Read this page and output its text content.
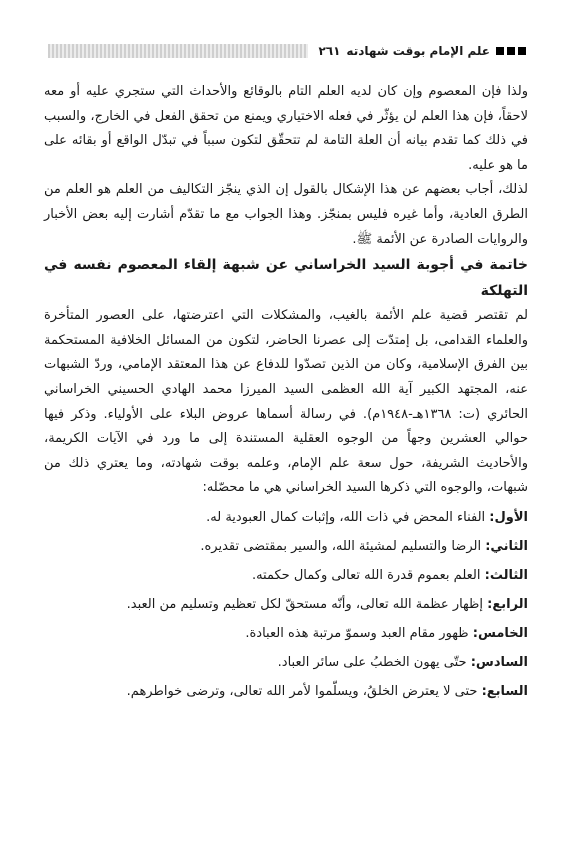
علم الإمام بوقت شهادته
٢٦١

ولذا فإن المعصوم وإن كان لديه العلم التام بالوقائع والأحداث التي ستجري عليه أو معه لاحقاً، فإن هذا العلم لن يؤثّر في فعله الاختياري ويمنع من تحقق الفعل في الخارج، والسبب في ذلك كما تقدم بيانه أن العلة التامة لم تتحقّق لتكون سبباً في تبدّل الواقع أو بقائه على ما هو عليه.

لذلك، أجاب بعضهم عن هذا الإشكال بالقول إن الذي ينجّز التكاليف من العلم هو العلم من الطرق العادية، وأما غيره فليس بمنجّز. وهذا الجواب مع ما تقدّم أشارت إليه بعض الأخبار والروايات الصادرة عن الأئمة ﷺ.

خاتمة في أجوبة السيد الخراساني عن شبهة إلقاء المعصوم نفسه في التهلكة

لم تقتصر قضية علم الأئمة بالغيب، والمشكلات التي اعترضتها، على العصور المتأخرة والعلماء القدامى، بل إمتدّت إلى عصرنا الحاضر، لتكون من المسائل الخلافية المستحكمة بين الفرق الإسلامية، وكان من الذين تصدّوا للدفاع عن هذا المعتقد الإمامي، وردّ الشبهات عنه، المجتهد الكبير آية الله العظمى السيد الميرزا محمد الهادي الحسيني الخراساني الحائري (ت: ١٣٦٨هـ-١٩٤٨م). في رسالة أسماها عروض البلاء على الأولياء. وذكر فيها حوالي العشرين وجهاً من الوجوه العقلية المستندة إلى ما ورد في الآيات الكريمة، والأحاديث الشريفة، حول سعة علم الإمام، وعلمه بوقت شهادته، وما يعتري ذلك من شبهات، والوجوه التي ذكرها السيد الخراساني هي ما محصّله:

الأول: الفناء المحض في ذات الله، وإثبات كمال العبودية له.

الثاني: الرضا والتسليم لمشيئة الله، والسير بمقتضى تقديره.

الثالث: العلم بعموم قدرة الله تعالى وكمال حكمته.

الرابع: إظهار عظمة الله تعالى، وأنّه مستحقّ لكل تعظيم وتسليم من العبد.

الخامس: ظهور مقام العبد وسموّ مرتبة هذه العبادة.

السادس: حتّى يهون الخطبُ على سائر العباد.

السابع: حتى لا يعترض الخلقُ، ويسلّموا لأمر الله تعالى، وترضى خواطرهم.
